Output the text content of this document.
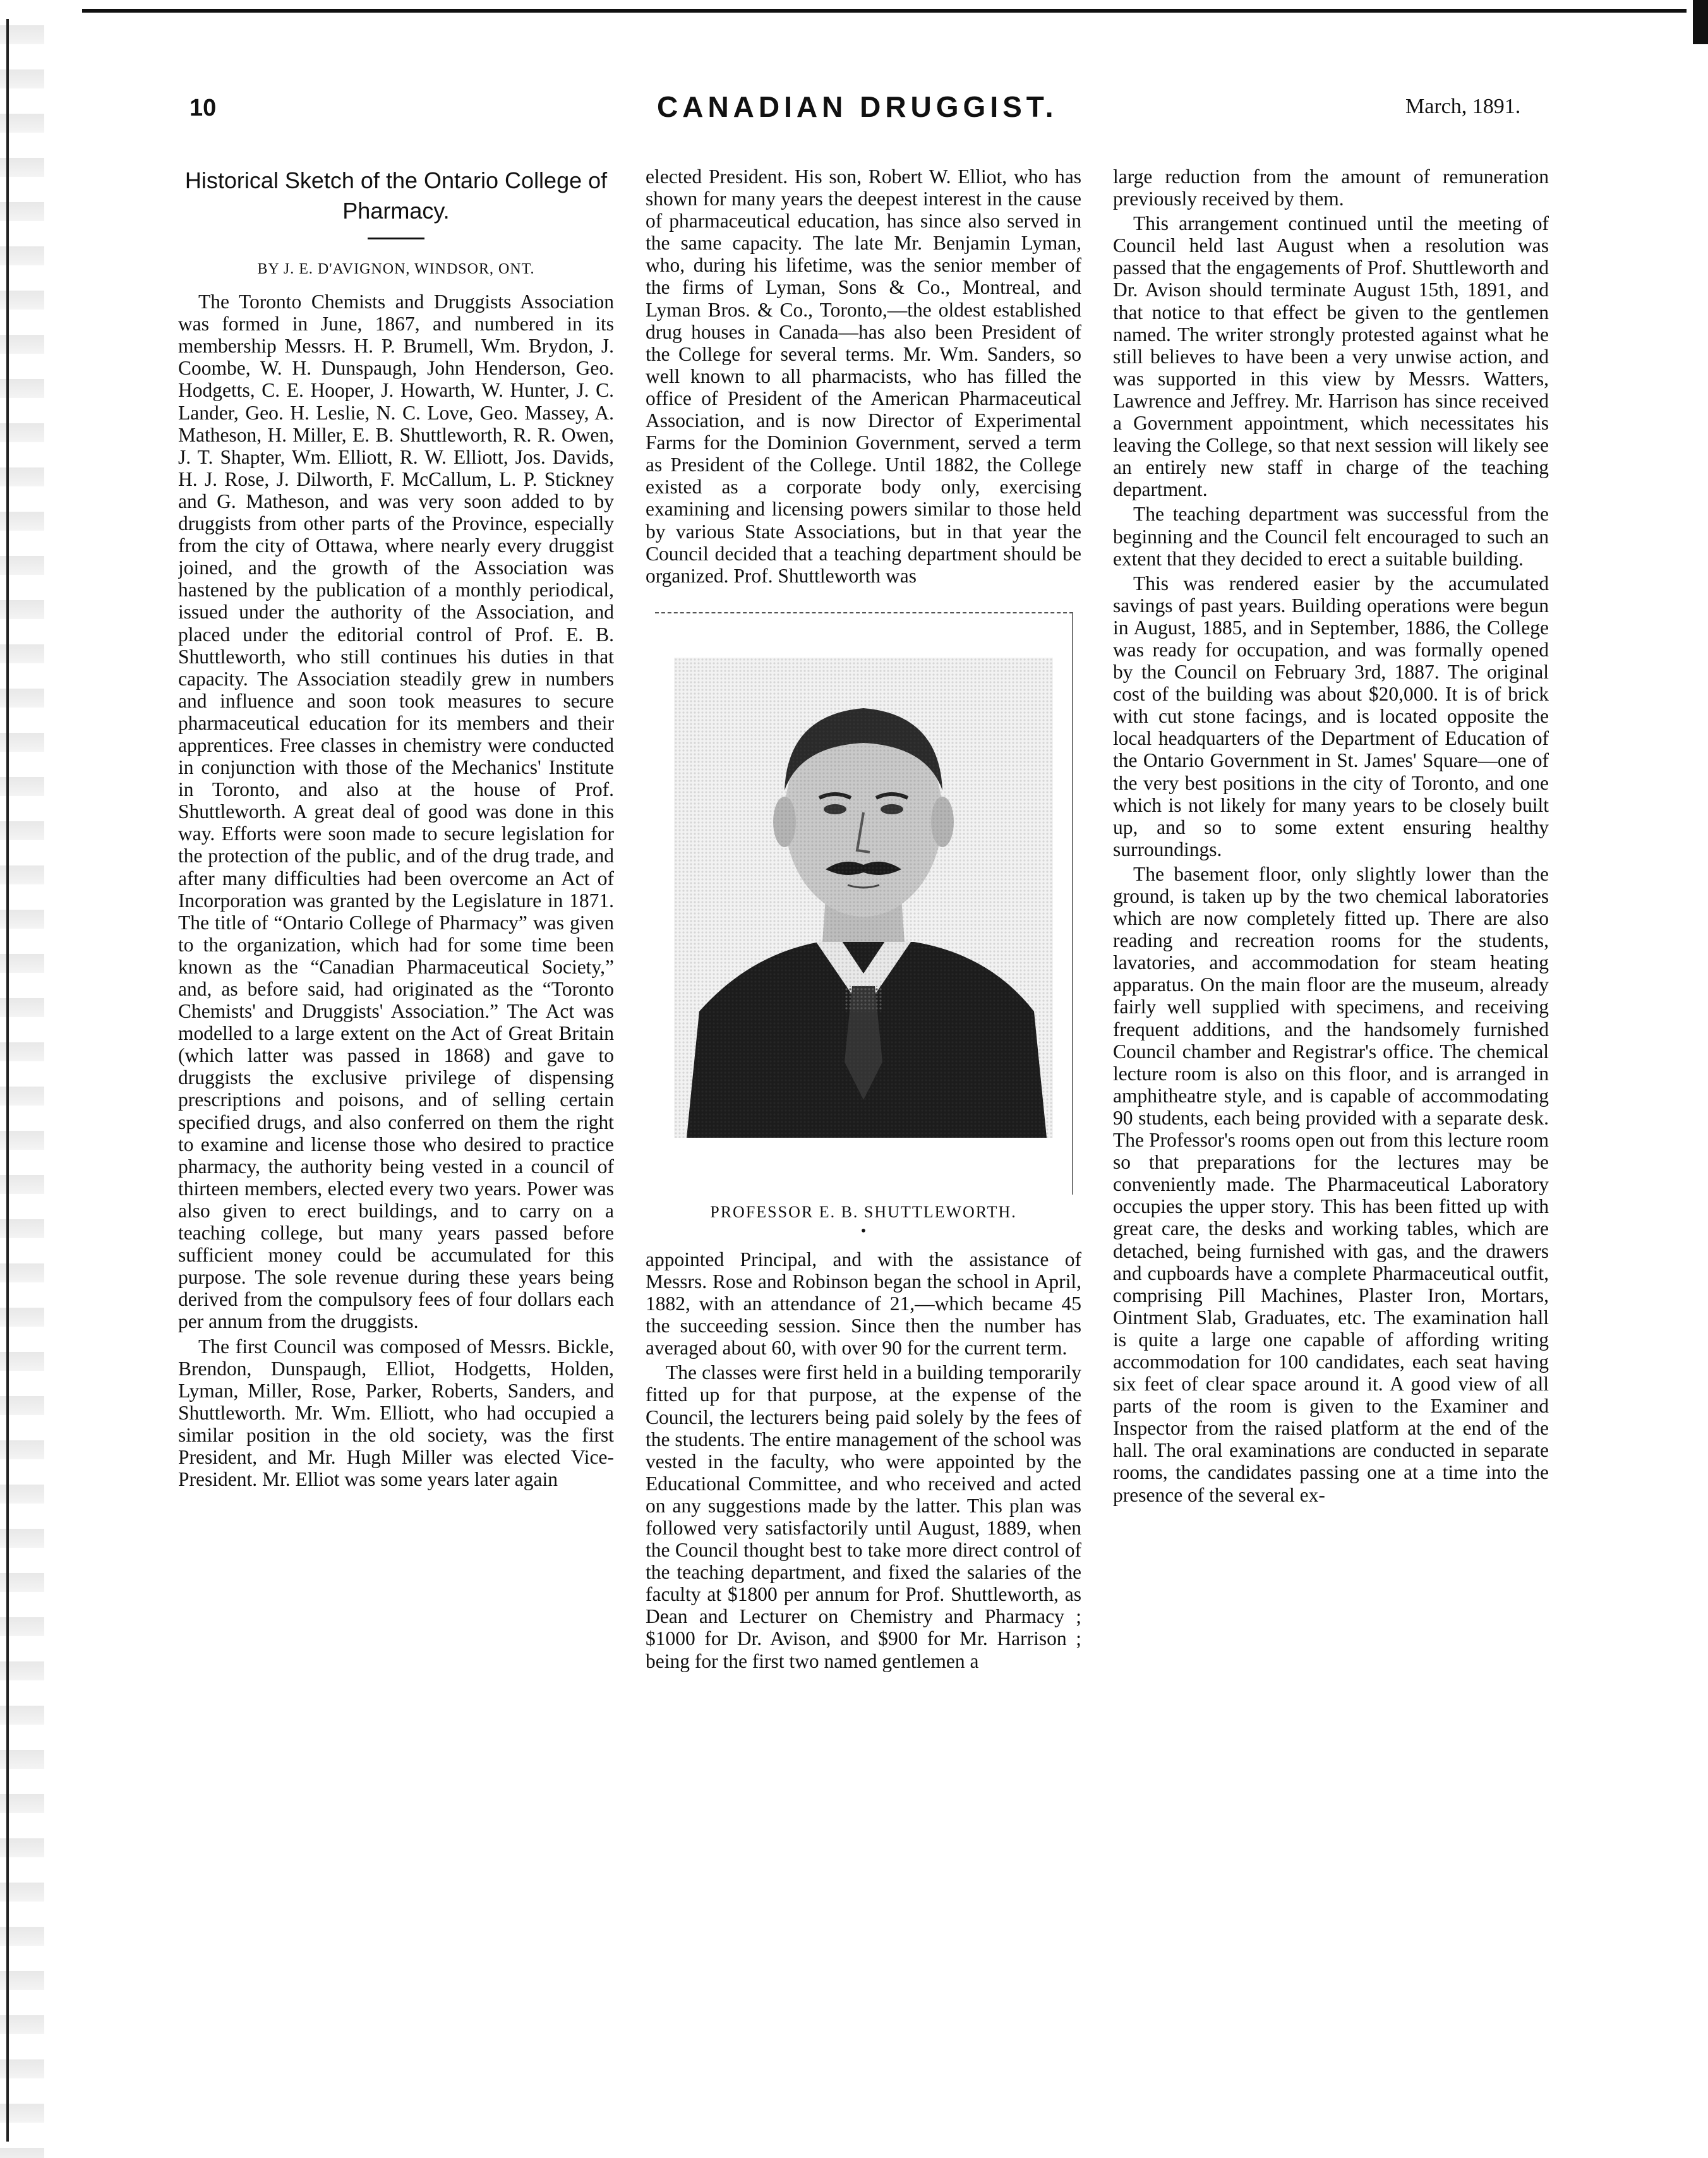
10	CANADIAN DRUGGIST.	March, 1891.
Historical Sketch of the Ontario College of Pharmacy.
BY J. E. D'AVIGNON, WINDSOR, ONT.

The Toronto Chemists and Druggists Association was formed in June, 1867, and numbered in its membership Messrs. H. P. Brumell, Wm. Brydon, J. Coombe, W. H. Dunspaugh, John Henderson, Geo. Hodgetts, C. E. Hooper, J. Howarth, W. Hunter, J. C. Lander, Geo. H. Leslie, N. C. Love, Geo. Massey, A. Matheson, H. Miller, E. B. Shuttleworth, R. R. Owen, J. T. Shapter, Wm. Elliott, R. W. Elliott, Jos. Davids, H. J. Rose, J. Dilworth, F. McCallum, L. P. Stickney and G. Matheson, and was very soon added to by druggists from other parts of the Province, especially from the city of Ottawa, where nearly every druggist joined, and the growth of the Association was hastened by the publication of a monthly periodical, issued under the authority of the Association, and placed under the editorial control of Prof. E. B. Shuttleworth, who still continues his duties in that capacity. The Association steadily grew in numbers and influence and soon took measures to secure pharmaceutical education for its members and their apprentices. Free classes in chemistry were conducted in conjunction with those of the Mechanics' Institute in Toronto, and also at the house of Prof. Shuttleworth. A great deal of good was done in this way. Efforts were soon made to secure legislation for the protection of the public, and of the drug trade, and after many difficulties had been overcome an Act of Incorporation was granted by the Legislature in 1871. The title of “Ontario College of Pharmacy” was given to the organization, which had for some time been known as the “Canadian Pharmaceutical Society,” and, as before said, had originated as the “Toronto Chemists' and Druggists' Association.” The Act was modelled to a large extent on the Act of Great Britain (which latter was passed in 1868) and gave to druggists the exclusive privilege of dispensing prescriptions and poisons, and of selling certain specified drugs, and also conferred on them the right to examine and license those who desired to practice pharmacy, the authority being vested in a council of thirteen members, elected every two years. Power was also given to erect buildings, and to carry on a teaching college, but many years passed before sufficient money could be accumulated for this purpose. The sole revenue during these years being derived from the compulsory fees of four dollars each per annum from the druggists.

The first Council was composed of Messrs. Bickle, Brendon, Dunspaugh, Elliot, Hodgetts, Holden, Lyman, Miller, Rose, Parker, Roberts, Sanders, and Shuttleworth. Mr. Wm. Elliott, who had occupied a similar position in the old society, was the first President, and Mr. Hugh Miller was elected Vice-President. Mr. Elliot was some years later again

elected President. His son, Robert W. Elliot, who has shown for many years the deepest interest in the cause of pharmaceutical education, has since also served in the same capacity. The late Mr. Benjamin Lyman, who, during his lifetime, was the senior member of the firms of Lyman, Sons & Co., Montreal, and Lyman Bros. & Co., Toronto,—the oldest established drug houses in Canada—has also been President of the College for several terms. Mr. Wm. Sanders, so well known to all pharmacists, who has filled the office of President of the American Pharmaceutical Association, and is now Director of Experimental Farms for the Dominion Government, served a term as President of the College. Until 1882, the College existed as a corporate body only, exercising examining and licensing powers similar to those held by various State Associations, but in that year the Council decided that a teaching department should be organized. Prof. Shuttleworth was

PROFESSOR E. B. SHUTTLEWORTH.
•

appointed Principal, and with the assistance of Messrs. Rose and Robinson began the school in April, 1882, with an attendance of 21,—which became 45 the succeeding session. Since then the number has averaged about 60, with over 90 for the current term.

The classes were first held in a building temporarily fitted up for that purpose, at the expense of the Council, the lecturers being paid solely by the fees of the students. The entire management of the school was vested in the faculty, who were appointed by the Educational Committee, and who received and acted on any suggestions made by the latter. This plan was followed very satisfactorily until August, 1889, when the Council thought best to take more direct control of the teaching department, and fixed the salaries of the faculty at $1800 per annum for Prof. Shuttleworth, as Dean and Lecturer on Chemistry and Pharmacy ; $1000 for Dr. Avison, and $900 for Mr. Harrison ; being for the first two named gentlemen a

large reduction from the amount of remuneration previously received by them.

This arrangement continued until the meeting of Council held last August when a resolution was passed that the engagements of Prof. Shuttleworth and Dr. Avison should terminate August 15th, 1891, and that notice to that effect be given to the gentlemen named. The writer strongly protested against what he still believes to have been a very unwise action, and was supported in this view by Messrs. Watters, Lawrence and Jeffrey. Mr. Harrison has since received a Government appointment, which necessitates his leaving the College, so that next session will likely see an entirely new staff in charge of the teaching department.

The teaching department was successful from the beginning and the Council felt encouraged to such an extent that they decided to erect a suitable building.

This was rendered easier by the accumulated savings of past years. Building operations were begun in August, 1885, and in September, 1886, the College was ready for occupation, and was formally opened by the Council on February 3rd, 1887. The original cost of the building was about $20,000. It is of brick with cut stone facings, and is located opposite the local headquarters of the Department of Education of the Ontario Government in St. James' Square—one of the very best positions in the city of Toronto, and one which is not likely for many years to be closely built up, and so to some extent ensuring healthy surroundings.

The basement floor, only slightly lower than the ground, is taken up by the two chemical laboratories which are now completely fitted up. There are also reading and recreation rooms for the students, lavatories, and accommodation for steam heating apparatus. On the main floor are the museum, already fairly well supplied with specimens, and receiving frequent additions, and the handsomely furnished Council chamber and Registrar's office. The chemical lecture room is also on this floor, and is arranged in amphitheatre style, and is capable of accommodating 90 students, each being provided with a separate desk. The Professor's rooms open out from this lecture room so that preparations for the lectures may be conveniently made. The Pharmaceutical Laboratory occupies the upper story. This has been fitted up with great care, the desks and working tables, which are detached, being furnished with gas, and the drawers and cupboards have a complete Pharmaceutical outfit, comprising Pill Machines, Plaster Iron, Mortars, Ointment Slab, Graduates, etc. The examination hall is quite a large one capable of affording writing accommodation for 100 candidates, each seat having six feet of clear space around it. A good view of all parts of the room is given to the Examiner and Inspector from the raised platform at the end of the hall. The oral examinations are conducted in separate rooms, the candidates passing one at a time into the presence of the several ex-
